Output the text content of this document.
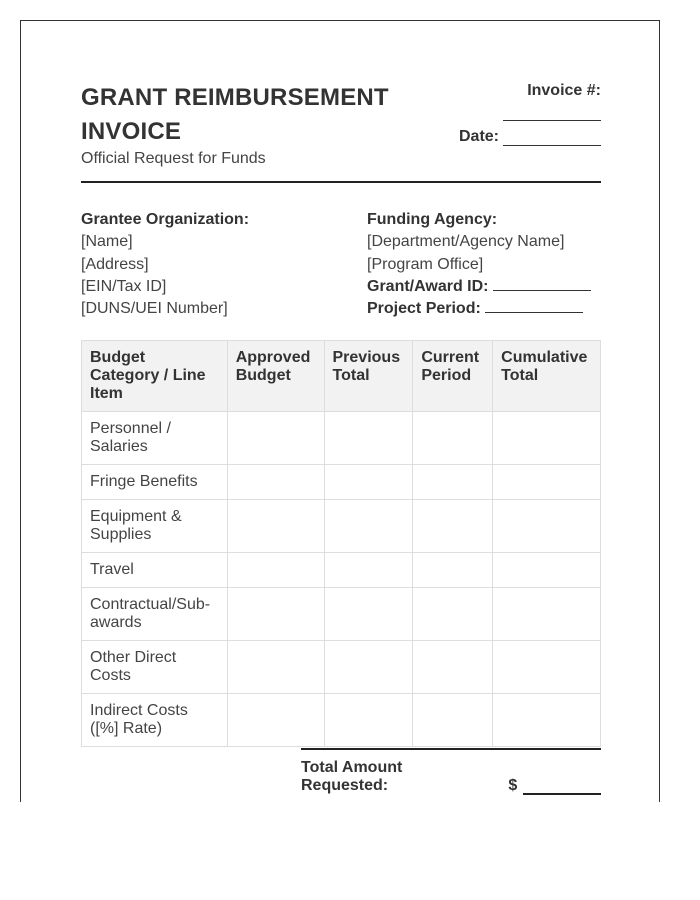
GRANT REIMBURSEMENT
INVOICE
Official Request for Funds
Invoice #:
Date:
Grantee Organization:
[Name]
[Address]
[EIN/Tax ID]
[DUNS/UEI Number]
Funding Agency:
[Department/Agency Name]
[Program Office]
Grant/Award ID:
Project Period:
Budget Category / Line Item	Approved Budget	Previous Total	Current Period	Cumulative Total
Personnel / Salaries				
Fringe Benefits				
Equipment & Supplies				
Travel				
Contractual/Sub-awards				
Other Direct Costs				
Indirect Costs ([%] Rate)				
Total Amount Requested:	$
